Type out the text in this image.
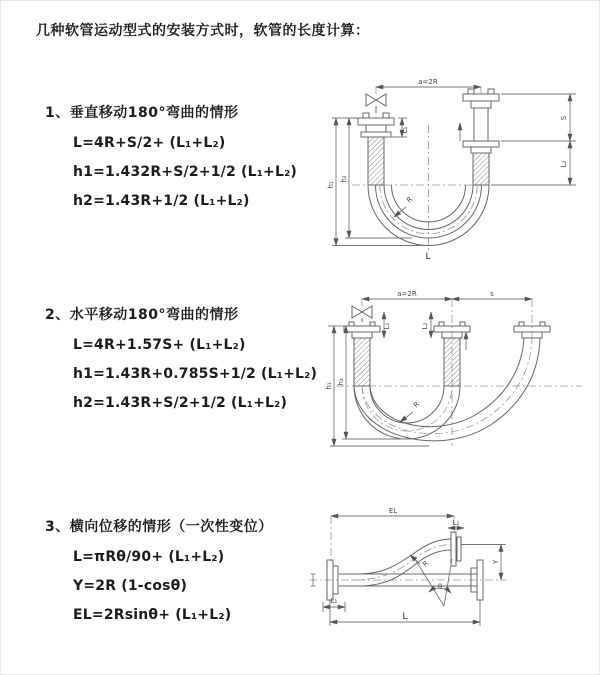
几种软管运动型式的安装方式时，软管的长度计算：
1、垂直移动180°弯曲的情形
L=4R+S/2+ (L₁+L₂)
h1=1.432R+S/2+1/2 (L₁+L₂)
h2=1.43R+1/2 (L₁+L₂)
2、水平移动180°弯曲的情形
L=4R+1.57S+ (L₁+L₂)
h1=1.43R+0.785S+1/2 (L₁+L₂)
h2=1.43R+S/2+1/2 (L₁+L₂)
3、横向位移的情形（一次性变位）
L=πRθ/90+ (L₁+L₂)
Y=2R (1-cosθ)
EL=2Rsinθ+ (L₁+L₂)
a=2R
R
h₁
h₂
L₁
S
L₂
L
a=2R	s
R
h₁
h₂
L₁	L₂
EL
L₂
θ
R	Y
L₁
L
